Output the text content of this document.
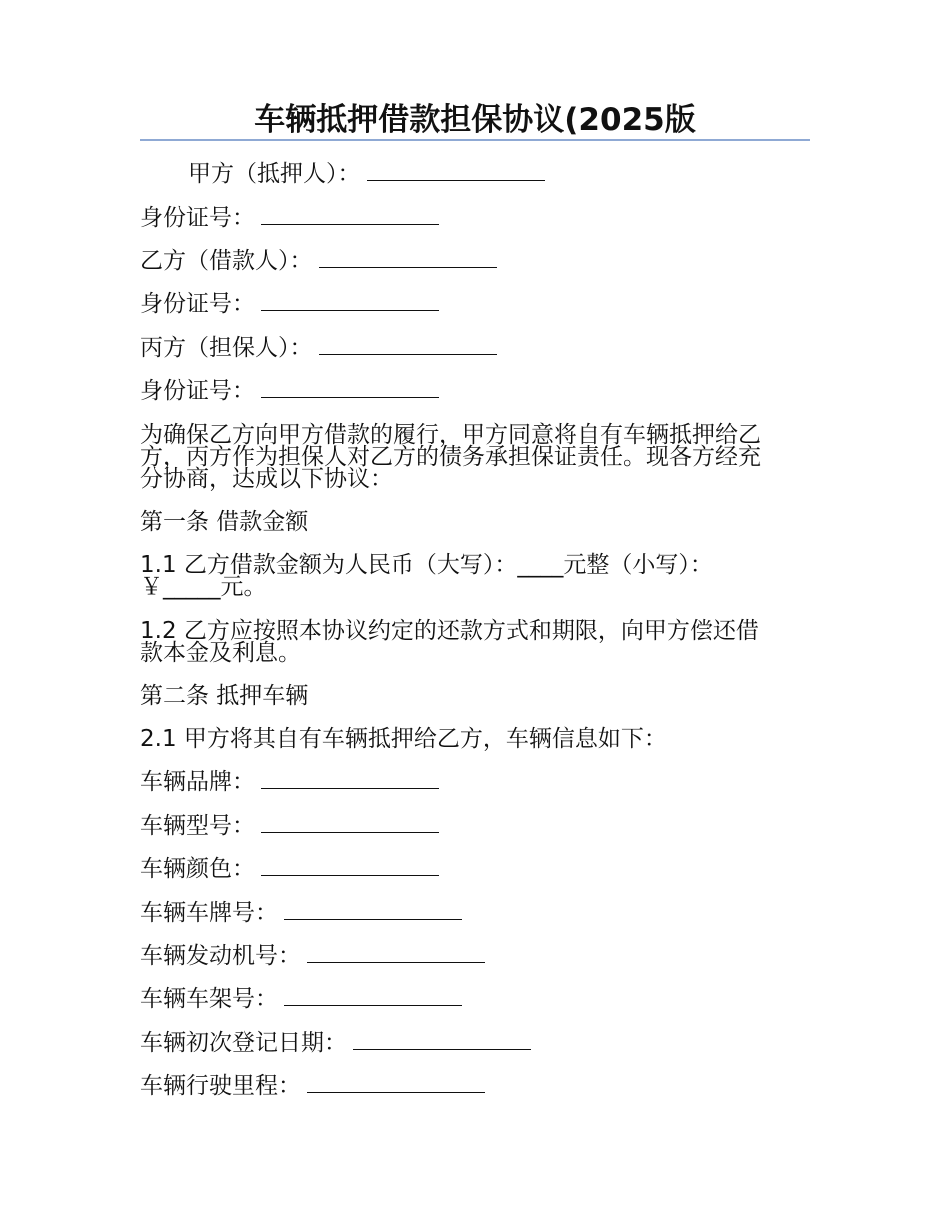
车辆抵押借款担保协议(2025版

甲方（抵押人）：

身份证号：

乙方（借款人）：

身份证号：

丙方（担保人）：

身份证号：

为确保乙方向甲方借款的履行，甲方同意将自有车辆抵押给乙
方，丙方作为担保人对乙方的债务承担保证责任。现各方经充
分协商，达成以下协议：

第一条 借款金额

1.1 乙方借款金额为人民币（大写）：____元整（小写）：
￥_____元。
1.2 乙方应按照本协议约定的还款方式和期限，向甲方偿还借
款本金及利息。

第二条 抵押车辆

2.1 甲方将其自有车辆抵押给乙方，车辆信息如下：

车辆品牌：

车辆型号：

车辆颜色：

车辆车牌号：

车辆发动机号：

车辆车架号：

车辆初次登记日期：

车辆行驶里程：
